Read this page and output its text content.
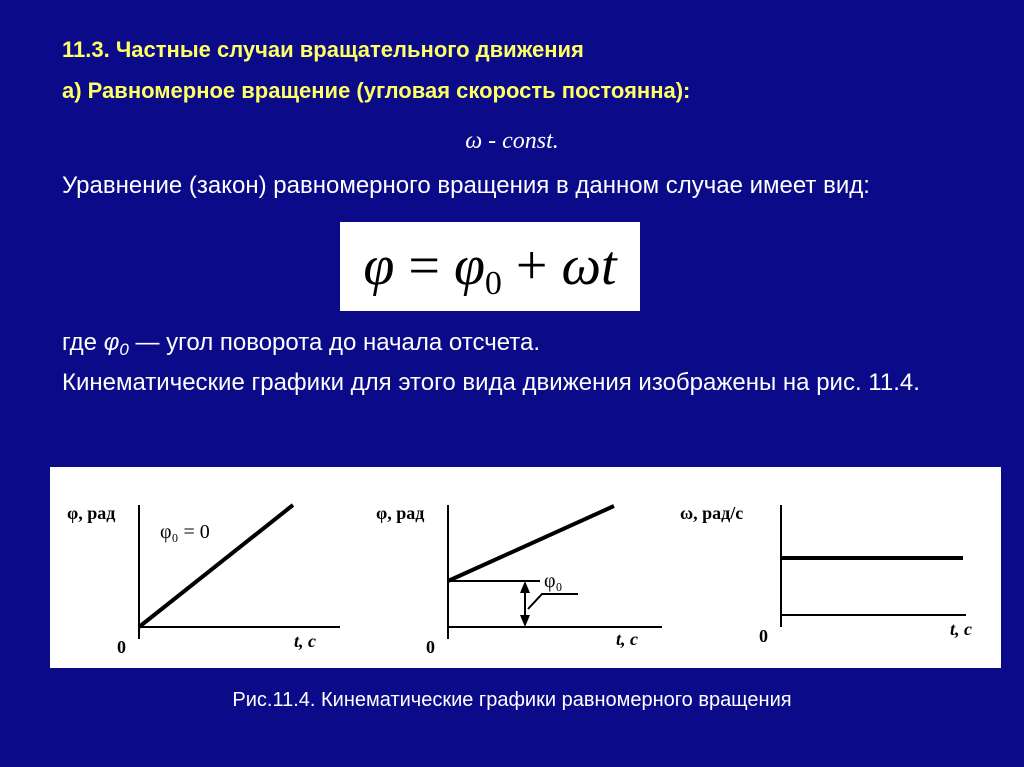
11.3. Частные случаи вращательного движения
а) Равномерное вращение (угловая скорость постоянна):
ω - const.
Уравнение (закон) равномерного вращения в данном случае имеет вид:
$\varphi = \varphi_0 + \omega t$
где $\varphi_0$ — угол поворота до начала отсчета.
Кинематические графики для этого вида движения изображены на рис. 11.4.
φ, рад
0	t, с
φ₀ = 0
φ, рад
0	t, с
φ₀
ω, рад/с
0	t, с
Рис.11.4. Кинематические графики равномерного вращения
